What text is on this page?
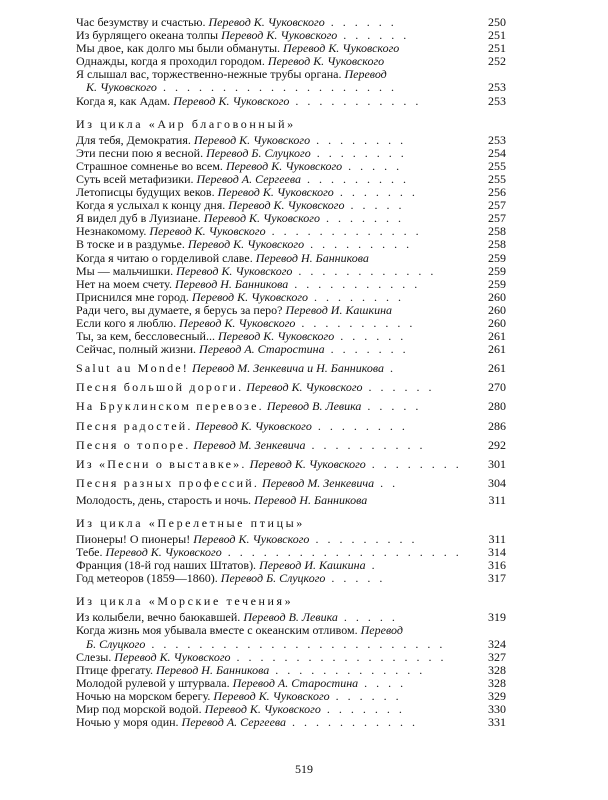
Час безумству и счастью. Перевод К. Чуковского . . . . . .	250
Из бурлящего океана толпы Перевод К. Чуковского . . . . . .	251
Мы двое, как долго мы были обмануты. Перевод К. Чуковского	251
Однажды, когда я проходил городом. Перевод К. Чуковского	252
Я слышал вас, торжественно-нежные трубы органа. Перевод
К. Чуковского . . . . . . . . . . . . . . . . . . . .	253
Когда я, как Адам. Перевод К. Чуковского . . . . . . . . . . .	253
Из цикла «Аир благовонный»
Для тебя, Демократия. Перевод К. Чуковского . . . . . . . .	253
Эти песни пою я весной. Перевод Б. Слуцкого . . . . . . . .	254
Страшное сомненье во всем. Перевод К. Чуковского . . . . .	255
Суть всей метафизики. Перевод А. Сергеева . . . . . . . . .	255
Летописцы будущих веков. Перевод К. Чуковского . . . . . . .	256
Когда я услыхал к концу дня. Перевод К. Чуковского . . . . .	257
Я видел дуб в Луизиане. Перевод К. Чуковского . . . . . . .	257
Незнакомому. Перевод К. Чуковского . . . . . . . . . . . . .	258
В тоске и в раздумье. Перевод К. Чуковского . . . . . . . . .	258
Когда я читаю о горделивой славе. Перевод Н. Банникова	259
Мы — мальчишки. Перевод К. Чуковского . . . . . . . . . . . .	259
Нет на моем счету. Перевод Н. Банникова . . . . . . . . . . .	259
Приснился мне город. Перевод К. Чуковского . . . . . . . .	260
Ради чего, вы думаете, я берусь за перо? Перевод И. Кашкина	260
Если кого я люблю. Перевод К. Чуковского . . . . . . . . . .	260
Ты, за кем, бессловесный... Перевод К. Чуковского . . . . . .	261
Сейчас, полный жизни. Перевод А. Старостина . . . . . . .	261
Salut au Monde! Перевод М. Зенкевича и Н. Банникова .	261
Песня большой дороги. Перевод К. Чуковского . . . . . .	270
На Бруклинском перевозе. Перевод В. Левика . . . . .	280
Песня радостей. Перевод К. Чуковского . . . . . . . .	286
Песня о топоре. Перевод М. Зенкевича . . . . . . . . . .	292
Из «Песни о выставке». Перевод К. Чуковского . . . . . . . .	301
Песня разных профессий. Перевод М. Зенкевича . .	304
Молодость, день, старость и ночь. Перевод Н. Банникова	311
Из цикла «Перелетные птицы»
Пионеры! О пионеры! Перевод К. Чуковского . . . . . . . . .	311
Тебе. Перевод К. Чуковского . . . . . . . . . . . . . . . . . . . .	314
Франция (18-й год наших Штатов). Перевод И. Кашкина .	316
Год метеоров (1859—1860). Перевод Б. Слуцкого . . . . .	317
Из цикла «Морские течения»
Из колыбели, вечно баюкавшей. Перевод В. Левика . . . . .	319
Когда жизнь моя убывала вместе с океанским отливом. Перевод
Б. Слуцкого . . . . . . . . . . . . . . . . . . . . . . . . .	324
Слезы. Перевод К. Чуковского . . . . . . . . . . . . . . . . . .	327
Птице фрегату. Перевод Н. Банникова . . . . . . . . . . . . .	328
Молодой рулевой у штурвала. Перевод А. Старостина . . . .	328
Ночью на морском берегу. Перевод К. Чуковского . . . . . .	329
Мир под морской водой. Перевод К. Чуковского . . . . . . .	330
Ночью у моря один. Перевод А. Сергеева . . . . . . . . . . .	331
519
